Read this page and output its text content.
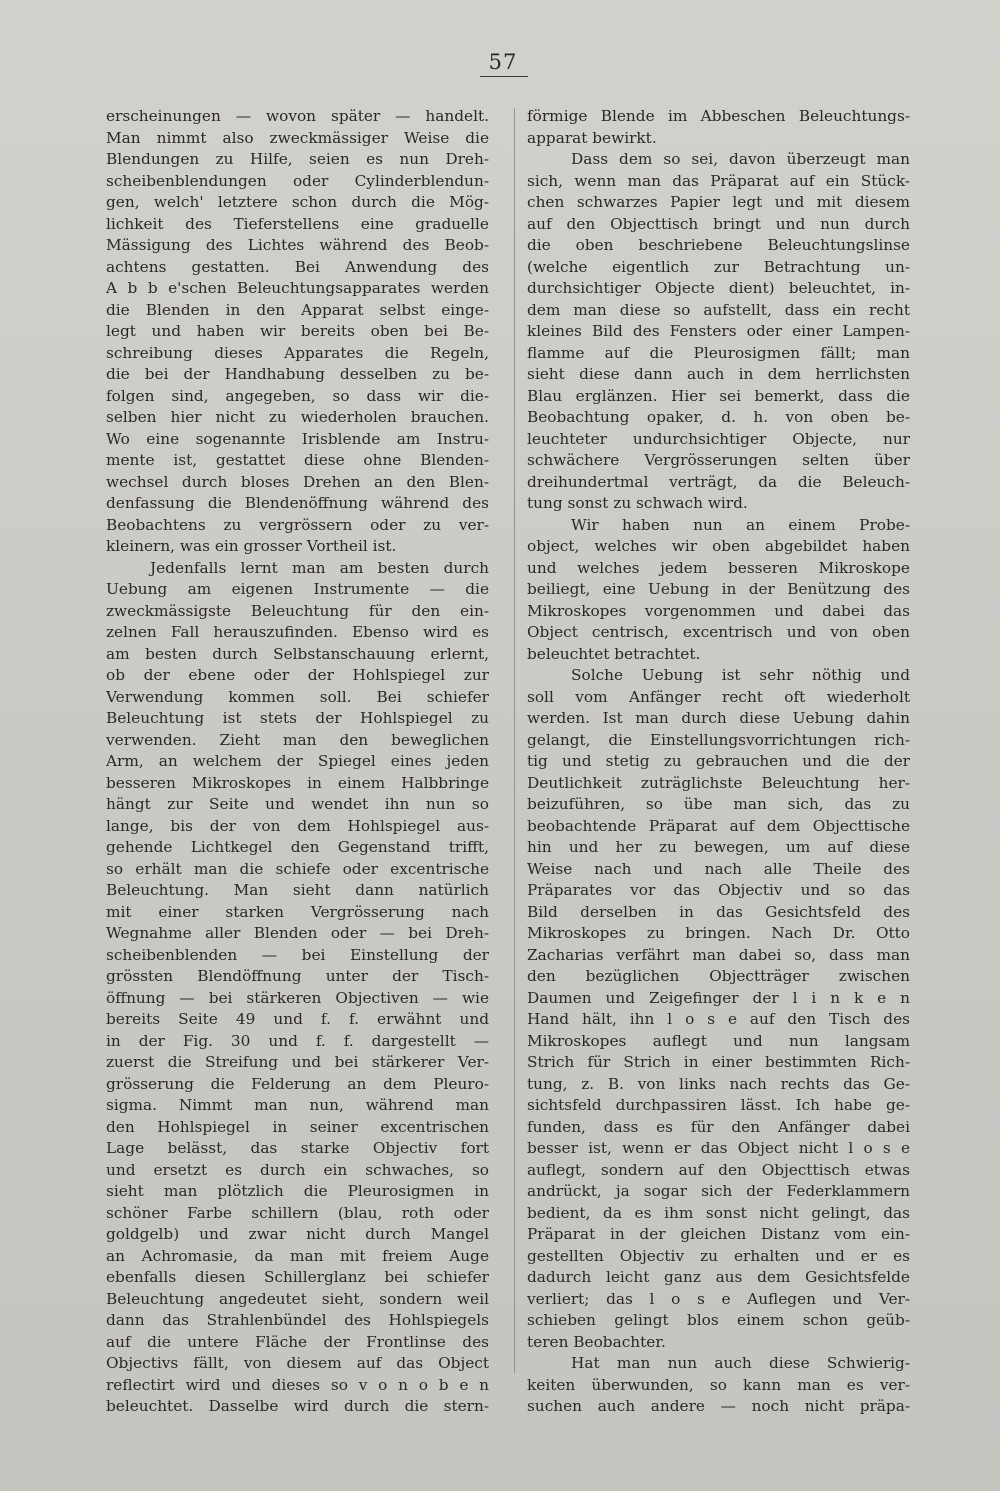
57
erscheinungen — wovon später — handelt.
Man nimmt also zweckmässiger Weise die
Blendungen zu Hilfe, seien es nun Dreh-
scheibenblendungen oder Cylinderblendun-
gen, welch' letztere schon durch die Mög-
lichkeit des Tieferstellens eine graduelle
Mässigung des Lichtes während des Beob-
achtens gestatten. Bei Anwendung des
A b b e'schen Beleuchtungsapparates werden
die Blenden in den Apparat selbst einge-
legt und haben wir bereits oben bei Be-
schreibung dieses Apparates die Regeln,
die bei der Handhabung desselben zu be-
folgen sind, angegeben, so dass wir die-
selben hier nicht zu wiederholen brauchen.
Wo eine sogenannte Irisblende am Instru-
mente ist, gestattet diese ohne Blenden-
wechsel durch bloses Drehen an den Blen-
denfassung die Blendenöffnung während des
Beobachtens zu vergrössern oder zu ver-
kleinern, was ein grosser Vortheil ist.
Jedenfalls lernt man am besten durch
Uebung am eigenen Instrumente — die
zweckmässigste Beleuchtung für den ein-
zelnen Fall herauszufinden. Ebenso wird es
am besten durch Selbstanschauung erlernt,
ob der ebene oder der Hohlspiegel zur
Verwendung kommen soll. Bei schiefer
Beleuchtung ist stets der Hohlspiegel zu
verwenden. Zieht man den beweglichen
Arm, an welchem der Spiegel eines jeden
besseren Mikroskopes in einem Halbbringe
hängt zur Seite und wendet ihn nun so
lange, bis der von dem Hohlspiegel aus-
gehende Lichtkegel den Gegenstand trifft,
so erhält man die schiefe oder excentrische
Beleuchtung. Man sieht dann natürlich
mit einer starken Vergrösserung nach
Wegnahme aller Blenden oder — bei Dreh-
scheibenblenden — bei Einstellung der
grössten Blendöffnung unter der Tisch-
öffnung — bei stärkeren Objectiven — wie
bereits Seite 49 und f. f. erwähnt und
in der Fig. 30 und f. f. dargestellt —
zuerst die Streifung und bei stärkerer Ver-
grösserung die Felderung an dem Pleuro-
sigma. Nimmt man nun, während man
den Hohlspiegel in seiner excentrischen
Lage belässt, das starke Objectiv fort
und ersetzt es durch ein schwaches, so
sieht man plötzlich die Pleurosigmen in
schöner Farbe schillern (blau, roth oder
goldgelb) und zwar nicht durch Mangel
an Achromasie, da man mit freiem Auge
ebenfalls diesen Schillerglanz bei schiefer
Beleuchtung angedeutet sieht, sondern weil
dann das Strahlenbündel des Hohlspiegels
auf die untere Fläche der Frontlinse des
Objectivs fällt, von diesem auf das Object
reflectirt wird und dieses so v o n o b e n
beleuchtet. Dasselbe wird durch die stern-
förmige Blende im Abbeschen Beleuchtungs-
apparat bewirkt.
Dass dem so sei, davon überzeugt man
sich, wenn man das Präparat auf ein Stück-
chen schwarzes Papier legt und mit diesem
auf den Objecttisch bringt und nun durch
die oben beschriebene Beleuchtungslinse
(welche eigentlich zur Betrachtung un-
durchsichtiger Objecte dient) beleuchtet, in-
dem man diese so aufstellt, dass ein recht
kleines Bild des Fensters oder einer Lampen-
flamme auf die Pleurosigmen fällt; man
sieht diese dann auch in dem herrlichsten
Blau erglänzen. Hier sei bemerkt, dass die
Beobachtung opaker, d. h. von oben be-
leuchteter undurchsichtiger Objecte, nur
schwächere Vergrösserungen selten über
dreihundertmal verträgt, da die Beleuch-
tung sonst zu schwach wird.
Wir haben nun an einem Probe-
object, welches wir oben abgebildet haben
und welches jedem besseren Mikroskope
beiliegt, eine Uebung in der Benützung des
Mikroskopes vorgenommen und dabei das
Object centrisch, excentrisch und von oben
beleuchtet betrachtet.
Solche Uebung ist sehr nöthig und
soll vom Anfänger recht oft wiederholt
werden. Ist man durch diese Uebung dahin
gelangt, die Einstellungsvorrichtungen rich-
tig und stetig zu gebrauchen und die der
Deutlichkeit zuträglichste Beleuchtung her-
beizuführen, so übe man sich, das zu
beobachtende Präparat auf dem Objecttische
hin und her zu bewegen, um auf diese
Weise nach und nach alle Theile des
Präparates vor das Objectiv und so das
Bild derselben in das Gesichtsfeld des
Mikroskopes zu bringen. Nach Dr. Otto
Zacharias verfährt man dabei so, dass man
den bezüglichen Objectträger zwischen
Daumen und Zeigefinger der l i n k e n
Hand hält, ihn l o s e auf den Tisch des
Mikroskopes auflegt und nun langsam
Strich für Strich in einer bestimmten Rich-
tung, z. B. von links nach rechts das Ge-
sichtsfeld durchpassiren lässt. Ich habe ge-
funden, dass es für den Anfänger dabei
besser ist, wenn er das Object nicht l o s e
auflegt, sondern auf den Objecttisch etwas
andrückt, ja sogar sich der Federklammern
bedient, da es ihm sonst nicht gelingt, das
Präparat in der gleichen Distanz vom ein-
gestellten Objectiv zu erhalten und er es
dadurch leicht ganz aus dem Gesichtsfelde
verliert; das l o s e Auflegen und Ver-
schieben gelingt blos einem schon geüb-
teren Beobachter.
Hat man nun auch diese Schwierig-
keiten überwunden, so kann man es ver-
suchen auch andere — noch nicht präpa-
